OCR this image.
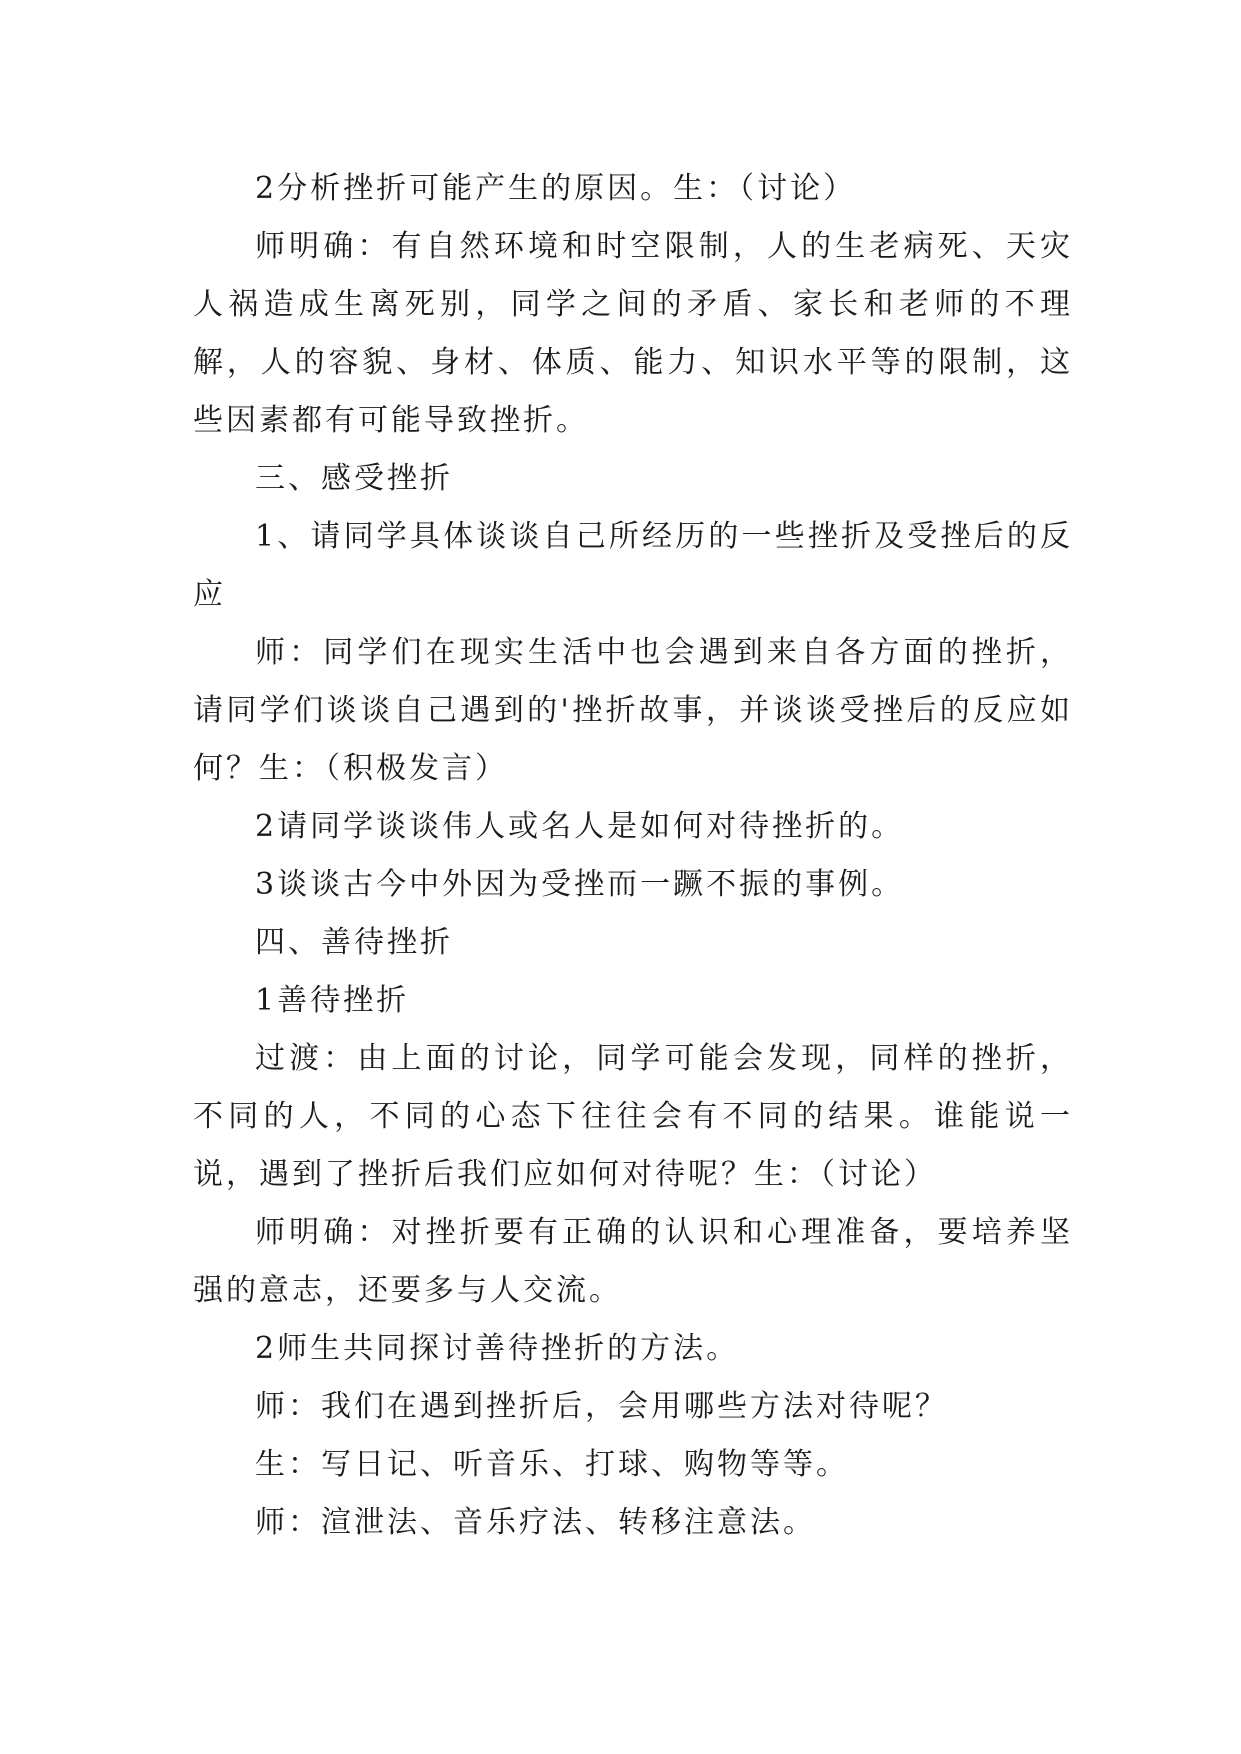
2分析挫折可能产生的原因。生：（讨论）

师明确：有自然环境和时空限制，人的生老病死、天灾人祸造成生离死别，同学之间的矛盾、家长和老师的不理解，人的容貌、身材、体质、能力、知识水平等的限制，这些因素都有可能导致挫折。

三、感受挫折

1、请同学具体谈谈自己所经历的一些挫折及受挫后的反应

师：同学们在现实生活中也会遇到来自各方面的挫折，请同学们谈谈自己遇到的'挫折故事，并谈谈受挫后的反应如何？生：（积极发言）

2请同学谈谈伟人或名人是如何对待挫折的。

3谈谈古今中外因为受挫而一蹶不振的事例。

四、善待挫折

1善待挫折

过渡：由上面的讨论，同学可能会发现，同样的挫折，不同的人，不同的心态下往往会有不同的结果。谁能说一说，遇到了挫折后我们应如何对待呢？生：（讨论）

师明确：对挫折要有正确的认识和心理准备，要培养坚强的意志，还要多与人交流。

2师生共同探讨善待挫折的方法。

师：我们在遇到挫折后，会用哪些方法对待呢？

生：写日记、听音乐、打球、购物等等。

师：渲泄法、音乐疗法、转移注意法。
